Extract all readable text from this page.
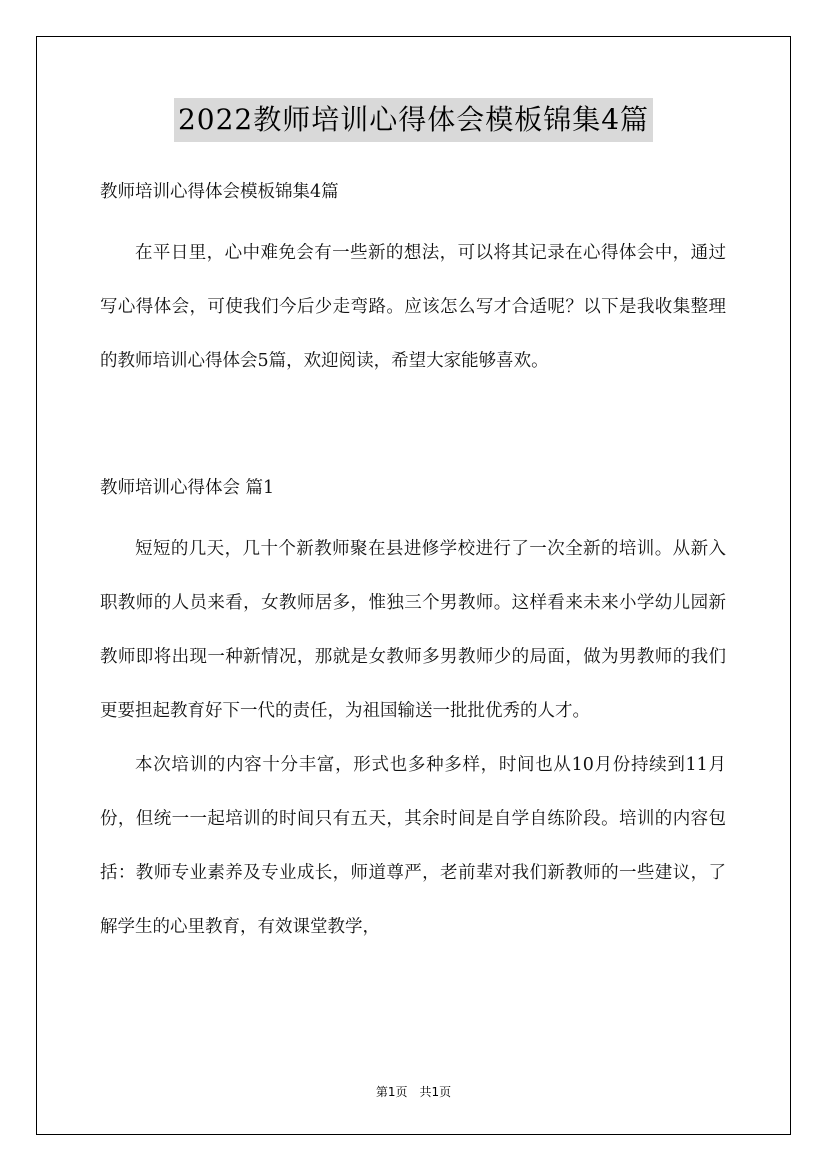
2022教师培训心得体会模板锦集4篇

教师培训心得体会模板锦集4篇

在平日里，心中难免会有一些新的想法，可以将其记录在心得体会中，通过写心得体会，可使我们今后少走弯路。应该怎么写才合适呢？以下是我收集整理的教师培训心得体会5篇，欢迎阅读，希望大家能够喜欢。

教师培训心得体会 篇1

短短的几天，几十个新教师聚在县进修学校进行了一次全新的培训。从新入职教师的人员来看，女教师居多，惟独三个男教师。这样看来未来小学幼儿园新教师即将出现一种新情况，那就是女教师多男教师少的局面，做为男教师的我们更要担起教育好下一代的责任，为祖国输送一批批优秀的人才。

本次培训的内容十分丰富，形式也多种多样，时间也从10月份持续到11月份，但统一一起培训的时间只有五天，其余时间是自学自练阶段。培训的内容包括：教师专业素养及专业成长，师道尊严，老前辈对我们新教师的一些建议，了解学生的心里教育，有效课堂教学，

第1页　共1页
